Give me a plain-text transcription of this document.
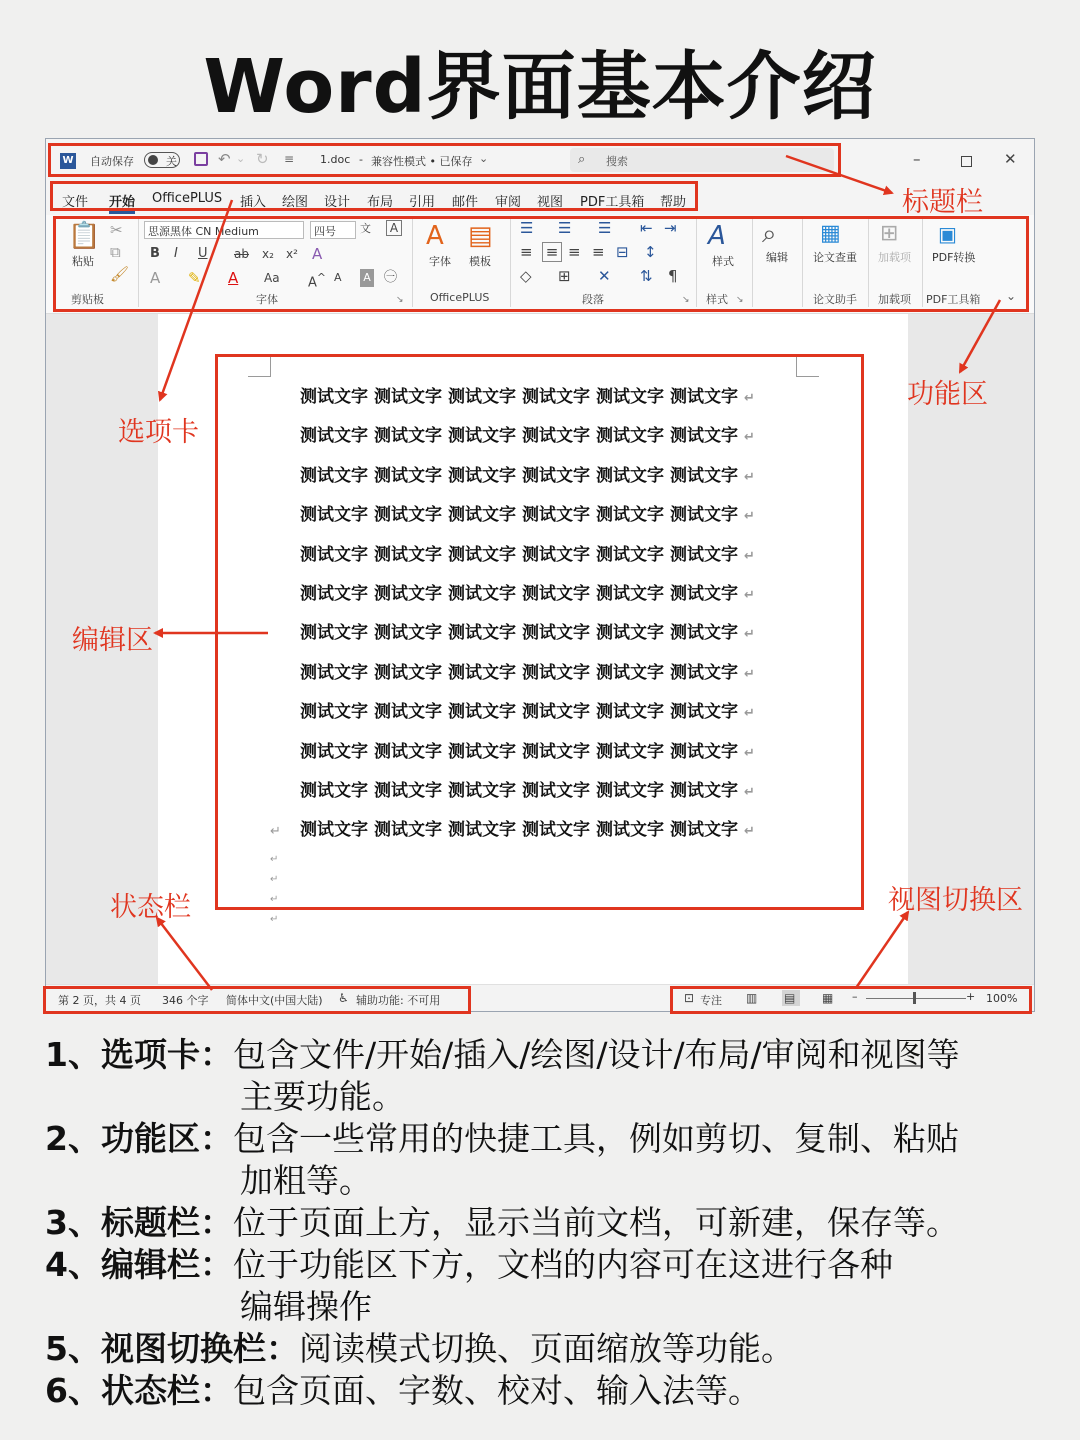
Word界面基本介绍
W 自动保存	关	↶ ⌄ ↻ ≡ 1.doc - 兼容性模式 • 已保存 ⌄	⌕ 搜索	–	✕
文件 开始 OfficePLUS 插入 绘图 设计 布局 引用 邮件 审阅 视图 PDF工具箱 帮助
📋
粘贴
✂
⧉
🖌
剪贴板
思源黑体 CN Medium	四号 文	A
B I U ab x₂ x² A
A ✎ A Aa A^ A A ㊀
字体	↘
A
字体
▤
模板
OfficePLUS
☰ ☰ ☰ ⇤ ⇥
≡ ≡ ≡ ≡ ⊟ ↕
◇ ⊞ ✕ ⇅ ¶
段落	↘
A
样式
样式 ↘
⌕
编辑
▦
论文查重
论文助手
⊞
加载项
加载项
▣
PDF转换
PDF工具箱 ⌄
测试文字 测试文字 测试文字 测试文字 测试文字 测试文字 ↵
测试文字 测试文字 测试文字 测试文字 测试文字 测试文字 ↵
测试文字 测试文字 测试文字 测试文字 测试文字 测试文字 ↵
测试文字 测试文字 测试文字 测试文字 测试文字 测试文字 ↵
测试文字 测试文字 测试文字 测试文字 测试文字 测试文字 ↵
测试文字 测试文字 测试文字 测试文字 测试文字 测试文字 ↵
测试文字 测试文字 测试文字 测试文字 测试文字 测试文字 ↵
测试文字 测试文字 测试文字 测试文字 测试文字 测试文字 ↵
测试文字 测试文字 测试文字 测试文字 测试文字 测试文字 ↵
测试文字 测试文字 测试文字 测试文字 测试文字 测试文字 ↵
测试文字 测试文字 测试文字 测试文字 测试文字 测试文字 ↵
测试文字 测试文字 测试文字 测试文字 测试文字 测试文字 ↵
↵
↵
↵
↵
↵
第 2 页，共 4 页 346 个字 简体中文(中国大陆) ♿ 辅助功能: 不可用	⊡ 专注 ▥ ▤ ▦ –	+ 100%
标题栏
选项卡
功能区
编辑区
状态栏	视图切换区
1、选项卡：包含文件/开始/插入/绘图/设计/布局/审阅和视图等
主要功能。
2、功能区：包含一些常用的快捷工具，例如剪切、复制、粘贴
加粗等。
3、标题栏：位于页面上方，显示当前文档，可新建，保存等。
4、编辑栏：位于功能区下方，文档的内容可在这进行各种
编辑操作
5、视图切换栏：阅读模式切换、页面缩放等功能。
6、状态栏：包含页面、字数、校对、输入法等。
